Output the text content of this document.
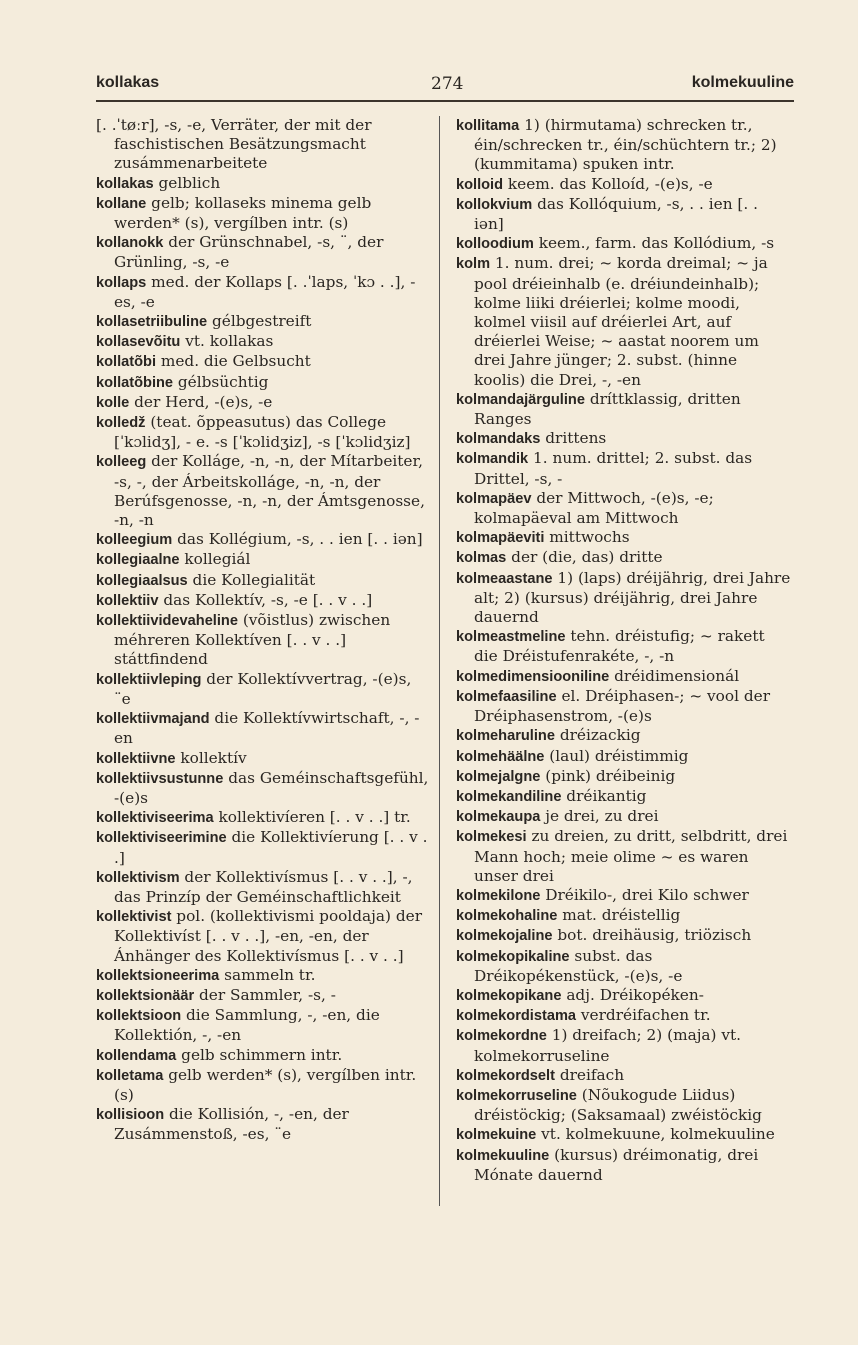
kollakas	274	kolmekuuline

[. .ˈtøːr], -s, -e, Verräter, der mit der faschistischen Besätzungsmacht zusámmenarbeitete

kollakas gelblich

kollane gelb; kollaseks minema gelb werden* (s), vergílben intr. (s)

kollanokk der Grünschnabel, -s, ¨, der Grünling, -s, -e

kollaps med. der Kollaps [. .ˈlaps, ˈkɔ . .], -es, -e

kollasetriibuline gélbgestreift

kollasevõitu vt. kollakas

kollatõbi med. die Gelbsucht

kollatõbine gélbsüchtig

kolle der Herd, -(e)s, -e

kolledž (teat. õppeasutus) das College [ˈkɔlidʒ], - e. -s [ˈkɔlidʒiz], -s [ˈkɔlidʒiz]

kolleeg der Kolláge, -n, -n, der Mítarbeiter, -s, -, der Árbeitskolláge, -n, -n, der Berúfsgenosse, -n, -n, der Ámtsgenosse, -n, -n

kolleegium das Kollégium, -s, . . ien [. . iən]

kollegiaalne kollegiál

kollegiaalsus die Kollegialität

kollektiiv das Kollektív, -s, -e [. . v . .]

kollektiividevaheline (võistlus) zwischen méhreren Kollektíven [. . v . .] státtfindend

kollektiivleping der Kollektívvertrag, -(e)s, ¨e

kollektiivmajand die Kollektívwirtschaft, -, -en

kollektiivne kollektív

kollektiivsustunne das Geméinschaftsgefühl, -(e)s

kollektiviseerima kollektivíeren [. . v . .] tr.

kollektiviseerimine die Kollektivíerung [. . v . .]

kollektivism der Kollektivísmus [. . v . .], -, das Prinzíp der Geméinschaftlichkeit

kollektivist pol. (kollektivismi pooldaja) der Kollektivíst [. . v . .], -en, -en, der Ánhänger des Kollektivísmus [. . v . .]

kollektsioneerima sammeln tr.

kollektsionäär der Sammler, -s, -

kollektsioon die Sammlung, -, -en, die Kollektión, -, -en

kollendama gelb schimmern intr.

kolletama gelb werden* (s), vergílben intr. (s)

kollisioon die Kollisión, -, -en, der Zusámmenstoß, -es, ¨e

kollitama 1) (hirmutama) schrecken tr., éin/schrecken tr., éin/schüchtern tr.; 2) (kummitama) spuken intr.

kolloid keem. das Kolloíd, -(e)s, -e

kollokvium das Kollóquium, -s, . . ien [. . iən]

kolloodium keem., farm. das Kollódium, -s

kolm 1. num. drei; ~ korda dreimal; ~ ja pool dréieinhalb (e. dréiundeinhalb); kolme liiki dréierlei; kolme moodi, kolmel viisil auf dréierlei Art, auf dréierlei Weise; ~ aastat noorem um drei Jahre jünger; 2. subst. (hinne koolis) die Drei, -, -en

kolmandajärguline dríttklassig, dritten Ranges

kolmandaks drittens

kolmandik 1. num. drittel; 2. subst. das Drittel, -s, -

kolmapäev der Mittwoch, -(e)s, -e; kolmapäeval am Mittwoch

kolmapäeviti mittwochs

kolmas der (die, das) dritte

kolmeaastane 1) (laps) dréijährig, drei Jahre alt; 2) (kursus) dréijährig, drei Jahre dauernd

kolmeastmeline tehn. dréistufig; ~ rakett die Dréistufenrakéte, -, -n

kolmedimensiooniline dréidimensionál

kolmefaasiline el. Dréiphasen-; ~ vool der Dréiphasenstrom, -(e)s

kolmeharuline dréizackig

kolmehäälne (laul) dréistimmig

kolmejalgne (pink) dréibeinig

kolmekandiline dréikantig

kolmekaupa je drei, zu drei

kolmekesi zu dreien, zu dritt, selbdritt, drei Mann hoch; meie olime ~ es waren unser drei

kolmekilone Dréikilo-, drei Kilo schwer

kolmekohaline mat. dréistellig

kolmekojaline bot. dreihäusig, triözisch

kolmekopikaline subst. das Dréikopékenstück, -(e)s, -e

kolmekopikane adj. Dréikopéken-

kolmekordistama verdréifachen tr.

kolmekordne 1) dreifach; 2) (maja) vt. kolmekorruseline

kolmekordselt dreifach

kolmekorruseline (Nõukogude Liidus) dréistöckig; (Saksamaal) zwéistöckig

kolmekuine vt. kolmekuune, kolmekuuline

kolmekuuline (kursus) dréimonatig, drei Mónate dauernd
